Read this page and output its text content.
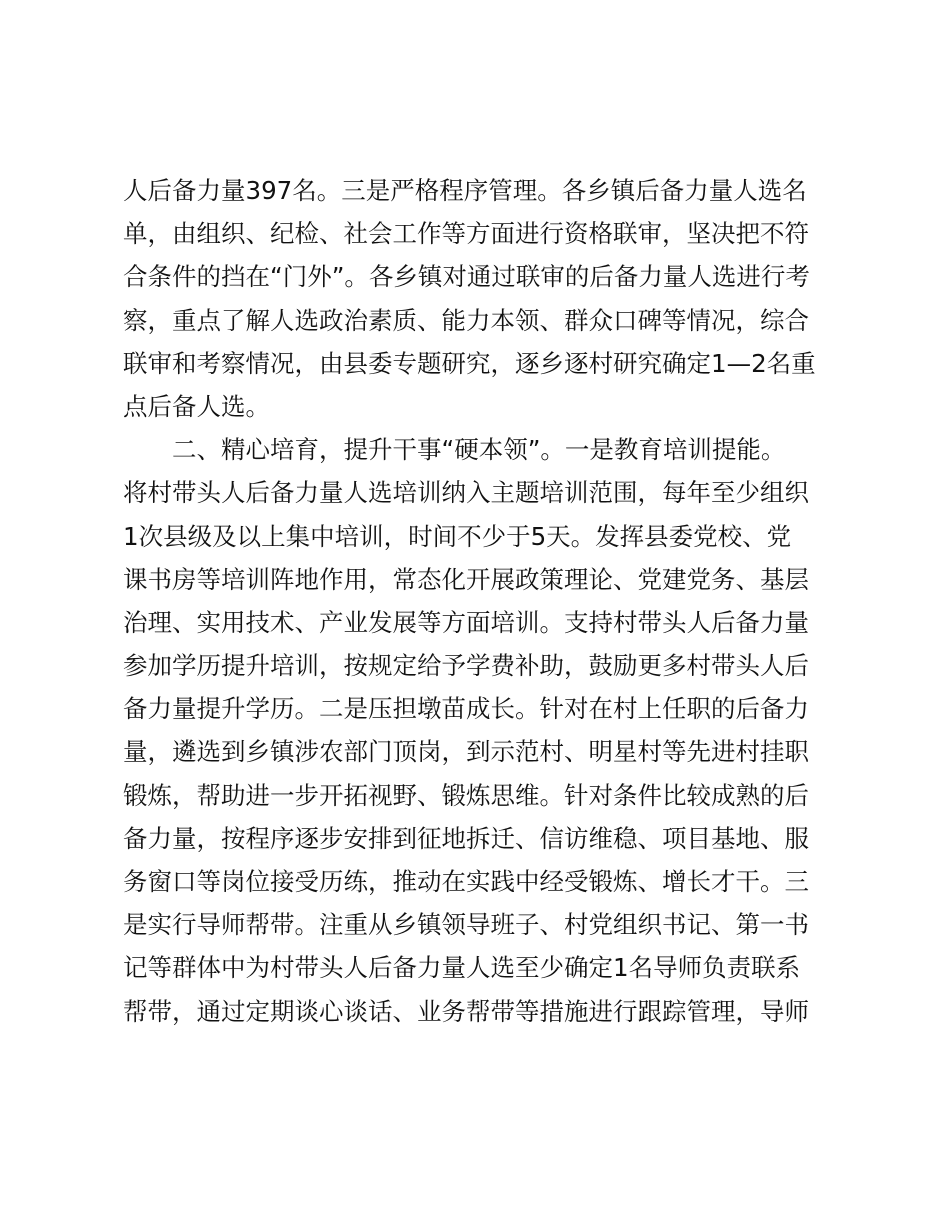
人后备力量397名。三是严格程序管理。各乡镇后备力量人选名
单，由组织、纪检、社会工作等方面进行资格联审，坚决把不符
合条件的挡在“门外”。各乡镇对通过联审的后备力量人选进行考
察，重点了解人选政治素质、能力本领、群众口碑等情况，综合
联审和考察情况，由县委专题研究，逐乡逐村研究确定1—2名重
点后备人选。
二、精心培育，提升干事“硬本领”。一是教育培训提能。
将村带头人后备力量人选培训纳入主题培训范围，每年至少组织
1次县级及以上集中培训，时间不少于5天。发挥县委党校、党
课书房等培训阵地作用，常态化开展政策理论、党建党务、基层
治理、实用技术、产业发展等方面培训。支持村带头人后备力量
参加学历提升培训，按规定给予学费补助，鼓励更多村带头人后
备力量提升学历。二是压担墩苗成长。针对在村上任职的后备力
量，遴选到乡镇涉农部门顶岗，到示范村、明星村等先进村挂职
锻炼，帮助进一步开拓视野、锻炼思维。针对条件比较成熟的后
备力量，按程序逐步安排到征地拆迁、信访维稳、项目基地、服
务窗口等岗位接受历练，推动在实践中经受锻炼、增长才干。三
是实行导师帮带。注重从乡镇领导班子、村党组织书记、第一书
记等群体中为村带头人后备力量人选至少确定1名导师负责联系
帮带，通过定期谈心谈话、业务帮带等措施进行跟踪管理，导师
